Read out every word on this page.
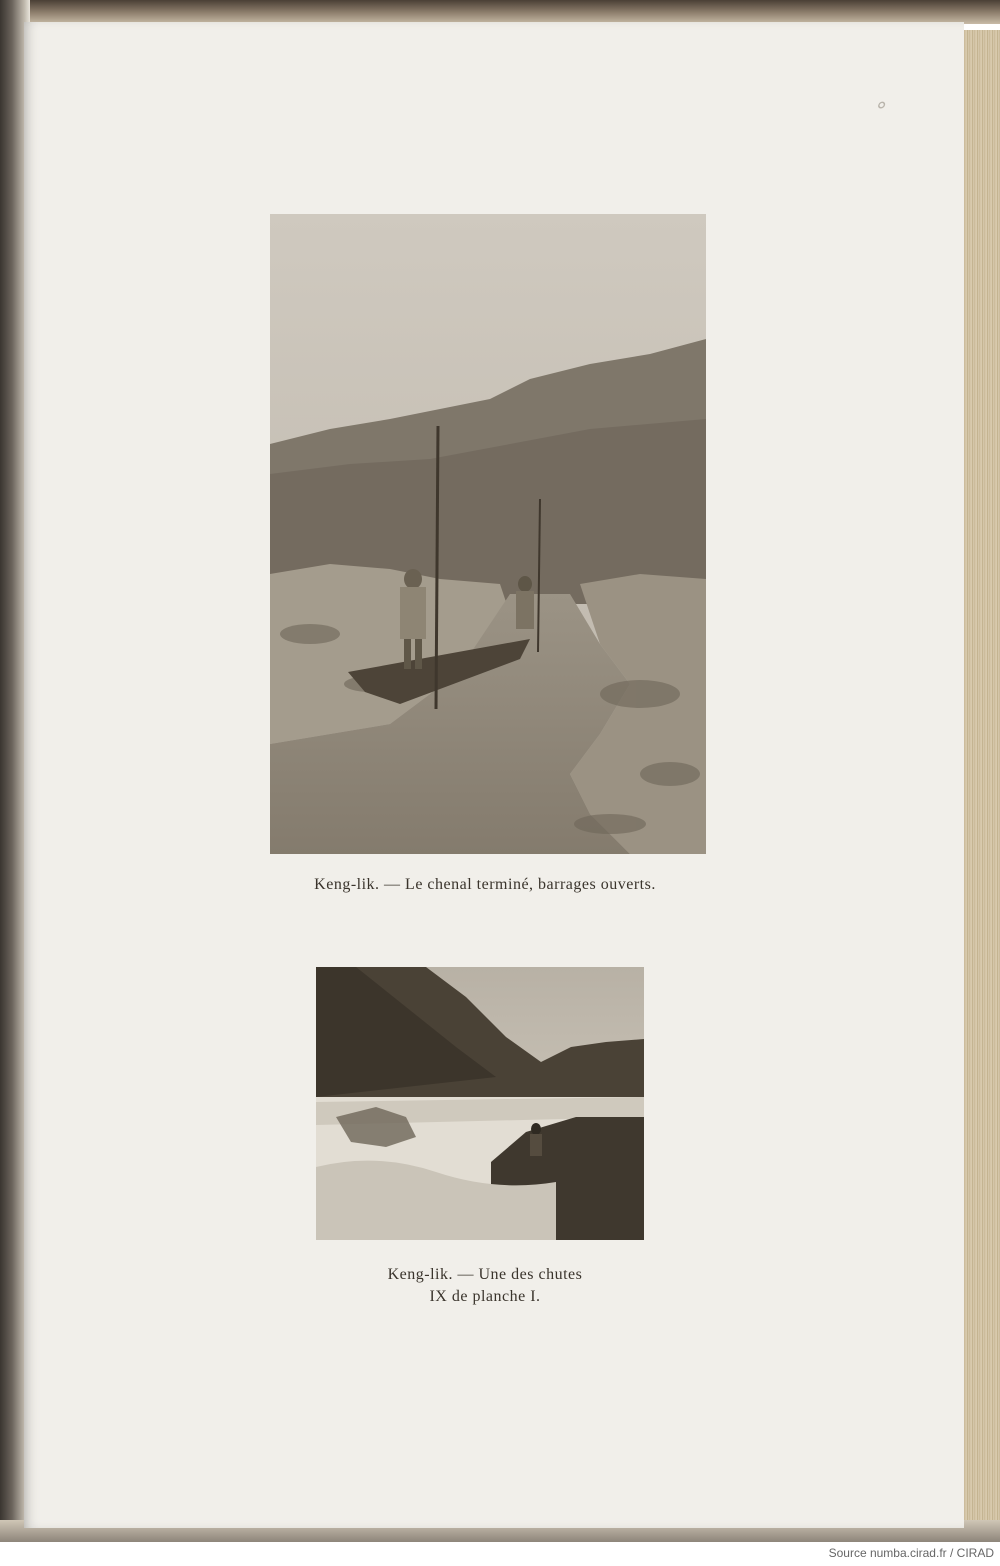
∘
Keng-lik. — Le chenal terminé, barrages ouverts.
Keng-lik. — Une des chutes
IX de planche I.
Source numba.cirad.fr / CIRAD
